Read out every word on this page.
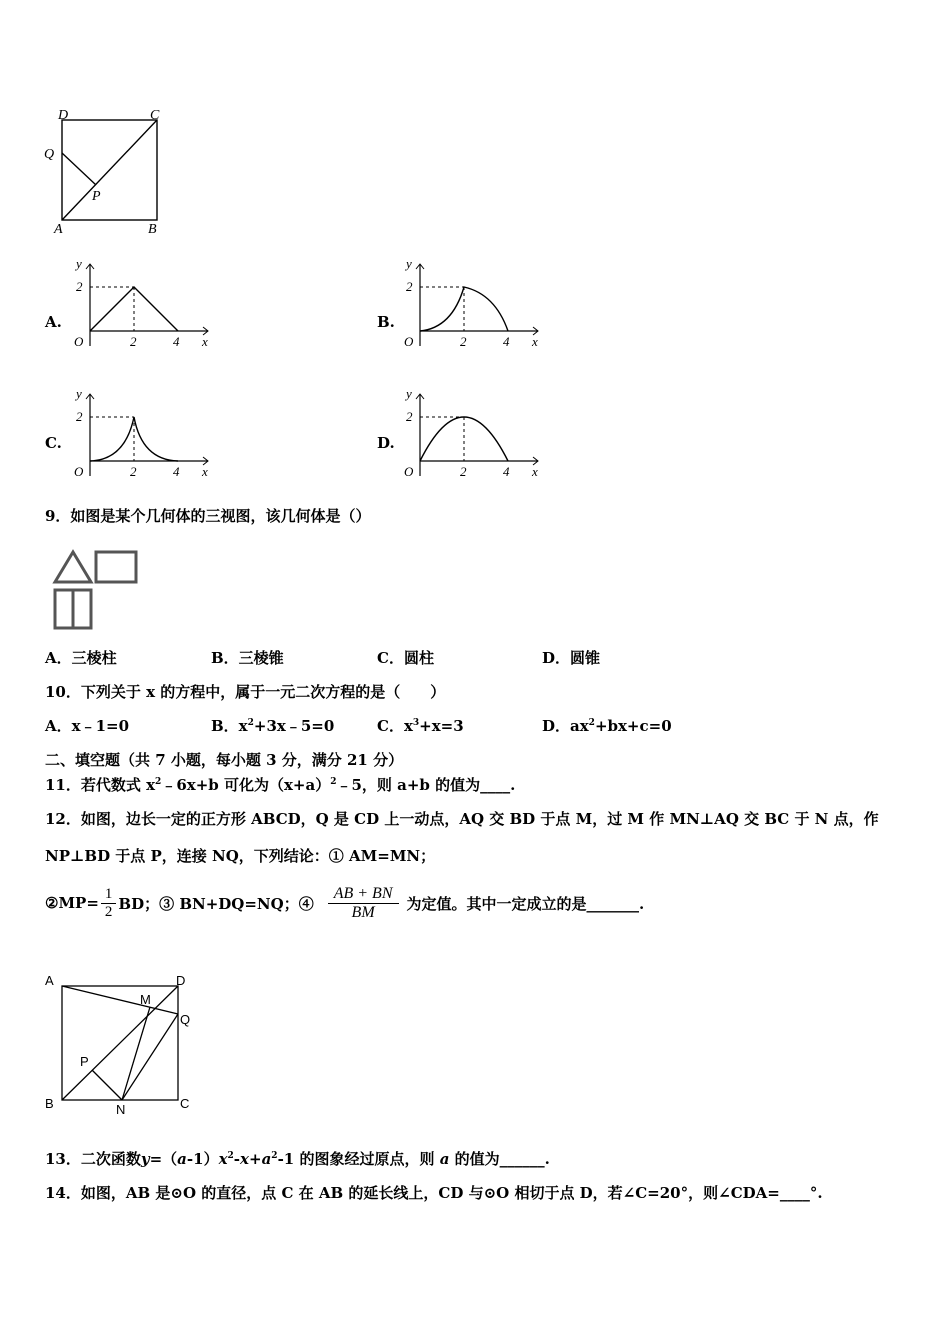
D	C
Q
P
A	B
A.
y
2
O	2	4 x
B.
y
2
O	2	4 x
C.
y
2
O	2	4 x
D.
y
2
O	2	4 x
9．如图是某个几何体的三视图，该几何体是（）
A．三棱柱	B．三棱锥	C．圆柱	D．圆锥
10．下列关于 x 的方程中，属于一元二次方程的是（　　）
A．x﹣1=0	B．$x^2+3x﹣5=0$	C．$x^3+x=3$	D．$ax^2+bx+c=0$
二、填空题（共 7 小题，每小题 3 分，满分 21 分）
11．若代数式 $x^2﹣6x+b$ 可化为$(x+a)^2﹣5$，则 a+b 的值为____.
12．如图，边长一定的正方形 ABCD，Q 是 CD 上一动点，AQ 交 BD 于点 M，过 M 作 MN⊥AQ 交 BC 于 N 点，作
NP⊥BD 于点 P，连接 NQ，下列结论：① AM=MN；
②MP= $\frac{1}{2}$ BD；③ BN+DQ=NQ；④ $\frac{AB + BN}{BM}$ 为定值。其中一定成立的是_______.
A	D
M
Q
P
B	N	C
13．二次函数$y=(a-1)x^2-x+a^2-1$ 的图象经过原点，则 a 的值为______.
14．如图，AB 是⊙O 的直径，点 C 在 AB 的延长线上，CD 与⊙O 相切于点 D，若∠C=20°，则∠CDA=____°.
